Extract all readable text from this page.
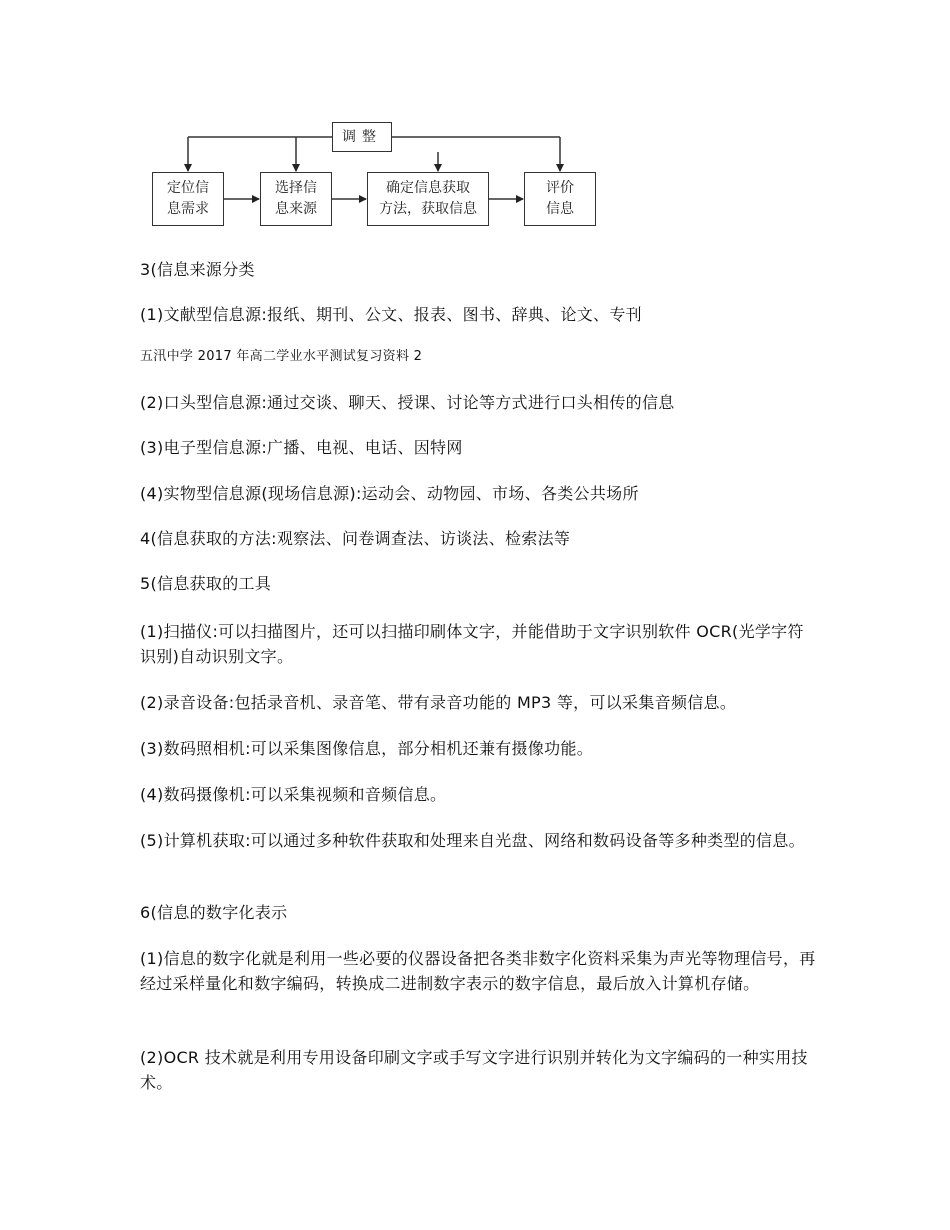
调整
定位信
息需求
选择信
息来源
确定信息获取
方法，获取信息
评价
信息

3(信息来源分类

(1)文献型信息源:报纸、期刊、公文、报表、图书、辞典、论文、专刊

五汛中学 2017 年高二学业水平测试复习资料 2

(2)口头型信息源:通过交谈、聊天、授课、讨论等方式进行口头相传的信息

(3)电子型信息源:广播、电视、电话、因特网

(4)实物型信息源(现场信息源):运动会、动物园、市场、各类公共场所

4(信息获取的方法:观察法、问卷调查法、访谈法、检索法等

5(信息获取的工具

(1)扫描仪:可以扫描图片，还可以扫描印刷体文字，并能借助于文字识别软件 OCR(光学字符识别)自动识别文字。

(2)录音设备:包括录音机、录音笔、带有录音功能的 MP3 等，可以采集音频信息。

(3)数码照相机:可以采集图像信息，部分相机还兼有摄像功能。

(4)数码摄像机:可以采集视频和音频信息。

(5)计算机获取:可以通过多种软件获取和处理来自光盘、网络和数码设备等多种类型的信息。

6(信息的数字化表示

(1)信息的数字化就是利用一些必要的仪器设备把各类非数字化资料采集为声光等物理信号，再经过采样量化和数字编码，转换成二进制数字表示的数字信息，最后放入计算机存储。

(2)OCR 技术就是利用专用设备印刷文字或手写文字进行识别并转化为文字编码的一种实用技术。
